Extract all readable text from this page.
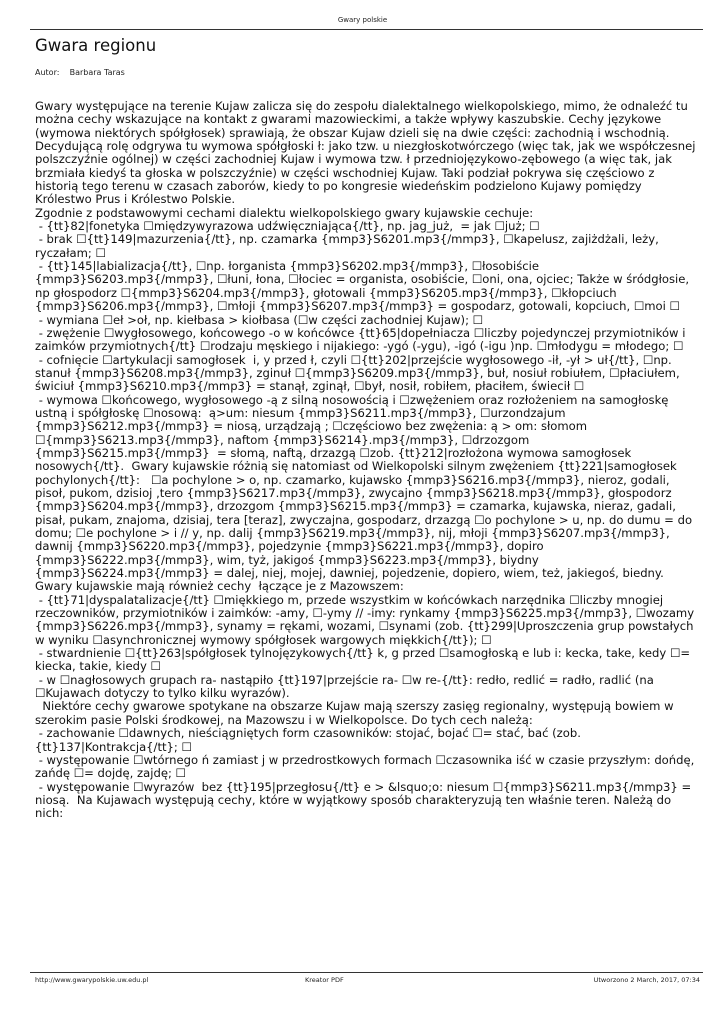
Gwary polskie
Gwara regionu
Autor: Barbara Taras

Gwary występujące na terenie Kujaw zalicza się do zespołu dialektalnego wielkopolskiego, mimo, że odnaleźć tu można cechy wskazujące na kontakt z gwarami mazowieckimi, a także wpływy kaszubskie. Cechy językowe (wymowa niektórych spółgłosek) sprawiają, że obszar Kujaw dzieli się na dwie części: zachodnią i wschodnią. Decydującą rolę odgrywa tu wymowa spółgłoski ł: jako tzw. u niezgłoskotwórczego (więc tak, jak we współczesnej polszczyźnie ogólnej) w części zachodniej Kujaw i wymowa tzw. ł przedniojęzykowo-zębowego (a więc tak, jak brzmiała kiedyś ta głoska w polszczyźnie) w części wschodniej Kujaw. Taki podział pokrywa się częściowo z historią tego terenu w czasach zaborów, kiedy to po kongresie wiedeńskim podzielono Kujawy pomiędzy Królestwo Prus i Królestwo Polskie.

Zgodnie z podstawowymi cechami dialektu wielkopolskiego gwary kujawskie cechuje:

- {tt}82|fonetyka ☐międzywyrazowa udźwięczniająca{/tt}, np. jag_już,  = jak ☐już; ☐

- brak ☐{tt}149|mazurzenia{/tt}, np. czamarka {mmp3}S6201.mp3{/mmp3}, ☐kapelusz, zajiżdżali, leży, ryczałam; ☐

- {tt}145|labializacja{/tt}, ☐np. łorganista {mmp3}S6202.mp3{/mmp3}, ☐łosobiście {mmp3}S6203.mp3{/mmp3}, ☐łuni, łona, ☐łociec = organista, osobiście, ☐oni, ona, ojciec; Także w śródgłosie, np głospodorz ☐{mmp3}S6204.mp3{/mmp3}, głotowali {mmp3}S6205.mp3{/mmp3}, ☐kłopciuch {mmp3}S6206.mp3{/mmp3}, ☐młoji {mmp3}S6207.mp3{/mmp3} = gospodarz, gotowali, kopciuch, ☐moi ☐

- wymiana ☐eł >oł, np. kiełbasa > kiołbasa (☐w części zachodniej Kujaw); ☐

- zwężenie ☐wygłosowego, końcowego -o w końcówce {tt}65|dopełniacza ☐liczby pojedynczej przymiotników i zaimków przymiotnych{/tt} ☐rodzaju męskiego i nijakiego: -ygó (-ygu), -igó (-igu )np. ☐młodygu = młodego; ☐

- cofnięcie ☐artykulacji samogłosek  i, y przed ł, czyli ☐{tt}202|przejście wygłosowego -ił, -ył > uł{/tt}, ☐np. stanuł {mmp3}S6208.mp3{/mmp3}, zginuł ☐{mmp3}S6209.mp3{/mmp3}, buł, nosiuł robiułem, ☐płaciułem, świciuł {mmp3}S6210.mp3{/mmp3} = stanął, zginął, ☐był, nosił, robiłem, płaciłem, świecił ☐

- wymowa ☐końcowego, wygłosowego -ą z silną nosowością i ☐zwężeniem oraz rozłożeniem na samogłoskę ustną i spółgłoskę ☐nosową:  ą>um: niesum {mmp3}S6211.mp3{/mmp3}, ☐urzondzajum {mmp3}S6212.mp3{/mmp3} = niosą, urządzają ; ☐częściowo bez zwężenia: ą > om: słomom ☐{mmp3}S6213.mp3{/mmp3}, naftom {mmp3}S6214}.mp3{/mmp3}, ☐drzozgom {mmp3}S6215.mp3{/mmp3}  = słomą, naftą, drzazgą ☐zob. {tt}212|rozłożona wymowa samogłosek nosowych{/tt}.  Gwary kujawskie różnią się natomiast od Wielkopolski silnym zwężeniem {tt}221|samogłosek pochylonych{/tt}:   ☐a pochylone > o, np. czamarko, kujawsko {mmp3}S6216.mp3{/mmp3}, nieroz, godali, pisoł, pukom, dzisioj ,tero {mmp3}S6217.mp3{/mmp3}, zwycajno {mmp3}S6218.mp3{/mmp3}, głospodorz {mmp3}S6204.mp3{/mmp3}, drzozgom {mmp3}S6215.mp3{/mmp3} = czamarka, kujawska, nieraz, gadali, pisał, pukam, znajoma, dzisiaj, tera [teraz], zwyczajna, gospodarz, drzazgą ☐o pochylone > u, np. do dumu = do domu; ☐e pochylone > i // y, np. dalij {mmp3}S6219.mp3{/mmp3}, nij, młoji {mmp3}S6207.mp3{/mmp3}, dawnij {mmp3}S6220.mp3{/mmp3}, pojedzynie {mmp3}S6221.mp3{/mmp3}, dopiro {mmp3}S6222.mp3{/mmp3}, wim, tyż, jakigoś {mmp3}S6223.mp3{/mmp3}, biydny {mmp3}S6224.mp3{/mmp3} = dalej, niej, mojej, dawniej, pojedzenie, dopiero, wiem, też, jakiegoś, biedny. Gwary kujawskie mają również cechy  łączące je z Mazowszem:

- {tt}71|dyspalatalizacje{/tt} ☐miękkiego m, przede wszystkim w końcówkach narzędnika ☐liczby mnogiej rzeczowników, przymiotników i zaimków: -amy, ☐-ymy // -imy: rynkamy {mmp3}S6225.mp3{/mmp3}, ☐wozamy {mmp3}S6226.mp3{/mmp3}, synamy = rękami, wozami, ☐synami (zob. {tt}299|Uproszczenia grup powstałych w wyniku ☐asynchronicznej wymowy spółgłosek wargowych miękkich{/tt}); ☐

- stwardnienie ☐{tt}263|spółgłosek tylnojęzykowych{/tt} k, g przed ☐samogłoską e lub i: kecka, take, kedy ☐= kiecka, takie, kiedy ☐

- w ☐nagłosowych grupach ra- nastąpiło {tt}197|przejście ra- ☐w re-{/tt}: redło, redlić = radło, radlić (na ☐Kujawach dotyczy to tylko kilku wyrazów).

Niektóre cechy gwarowe spotykane na obszarze Kujaw mają szerszy zasięg regionalny, występują bowiem w szerokim pasie Polski środkowej, na Mazowszu i w Wielkopolsce. Do tych cech należą:

- zachowanie ☐dawnych, nieściągniętych form czasowników: stojać, bojać ☐= stać, bać (zob. {tt}137|Kontrakcja{/tt}; ☐

- występowanie ☐wtórnego ń zamiast j w przedrostkowych formach ☐czasownika iść w czasie przyszłym: dońdę, zańdę ☐= dojdę, zajdę; ☐

- występowanie ☐wyrazów  bez {tt}195|przegłosu{/tt} e > &lsquo;o: niesum ☐{mmp3}S6211.mp3{/mmp3} = niosą.  Na Kujawach występują cechy, które w wyjątkowy sposób charakteryzują ten właśnie teren. Należą do nich:

http://www.gwarypolskie.uw.edu.pl	Kreator PDF	Utworzono 2 March, 2017, 07:34
